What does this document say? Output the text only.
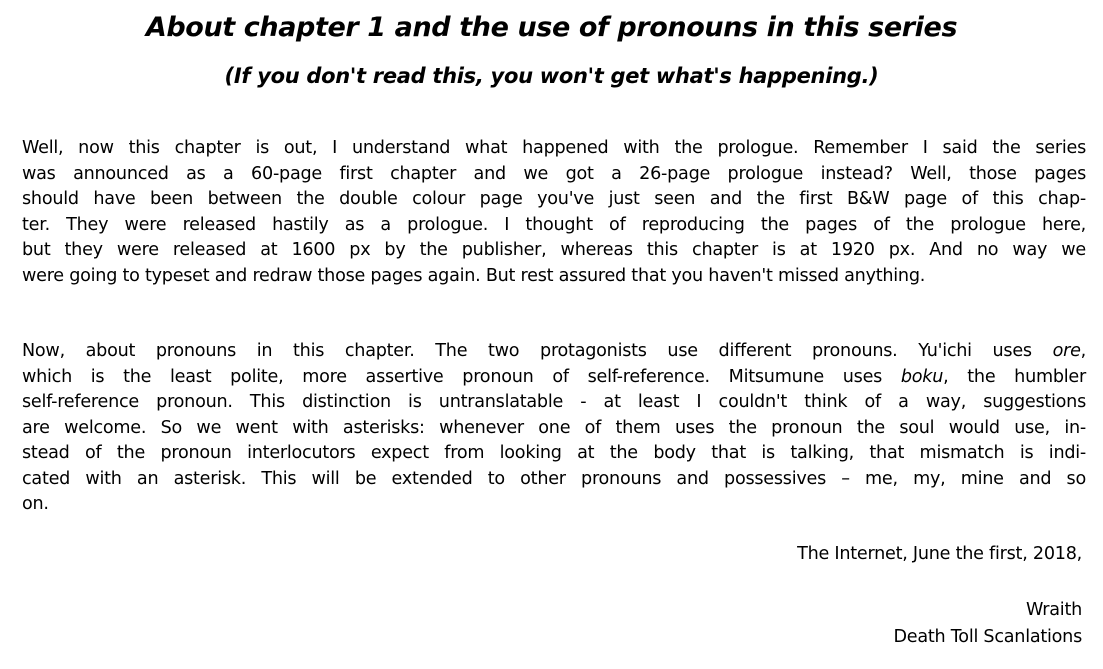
About chapter 1 and the use of pronouns in this series
(If you don't read this, you won't get what's happening.)

Well, now this chapter is out, I understand what happened with the prologue. Remember I said the series
was announced as a 60-page first chapter and we got a 26-page prologue instead? Well, those pages
should have been between the double colour page you've just seen and the first B&W page of this chap-
ter. They were released hastily as a prologue. I thought of reproducing the pages of the prologue here,
but they were released at 1600 px by the publisher, whereas this chapter is at 1920 px. And no way we
were going to typeset and redraw those pages again. But rest assured that you haven't missed anything.

Now, about pronouns in this chapter. The two protagonists use different pronouns. Yu'ichi uses ore,
which is the least polite, more assertive pronoun of self-reference. Mitsumune uses boku, the humbler
self-reference pronoun. This distinction is untranslatable - at least I couldn't think of a way, suggestions
are welcome. So we went with asterisks: whenever one of them uses the pronoun the soul would use, in-
stead of the pronoun interlocutors expect from looking at the body that is talking, that mismatch is indi-
cated with an asterisk. This will be extended to other pronouns and possessives – me, my, mine and so
on.

The Internet, June the first, 2018,

Wraith

Death Toll Scanlations
